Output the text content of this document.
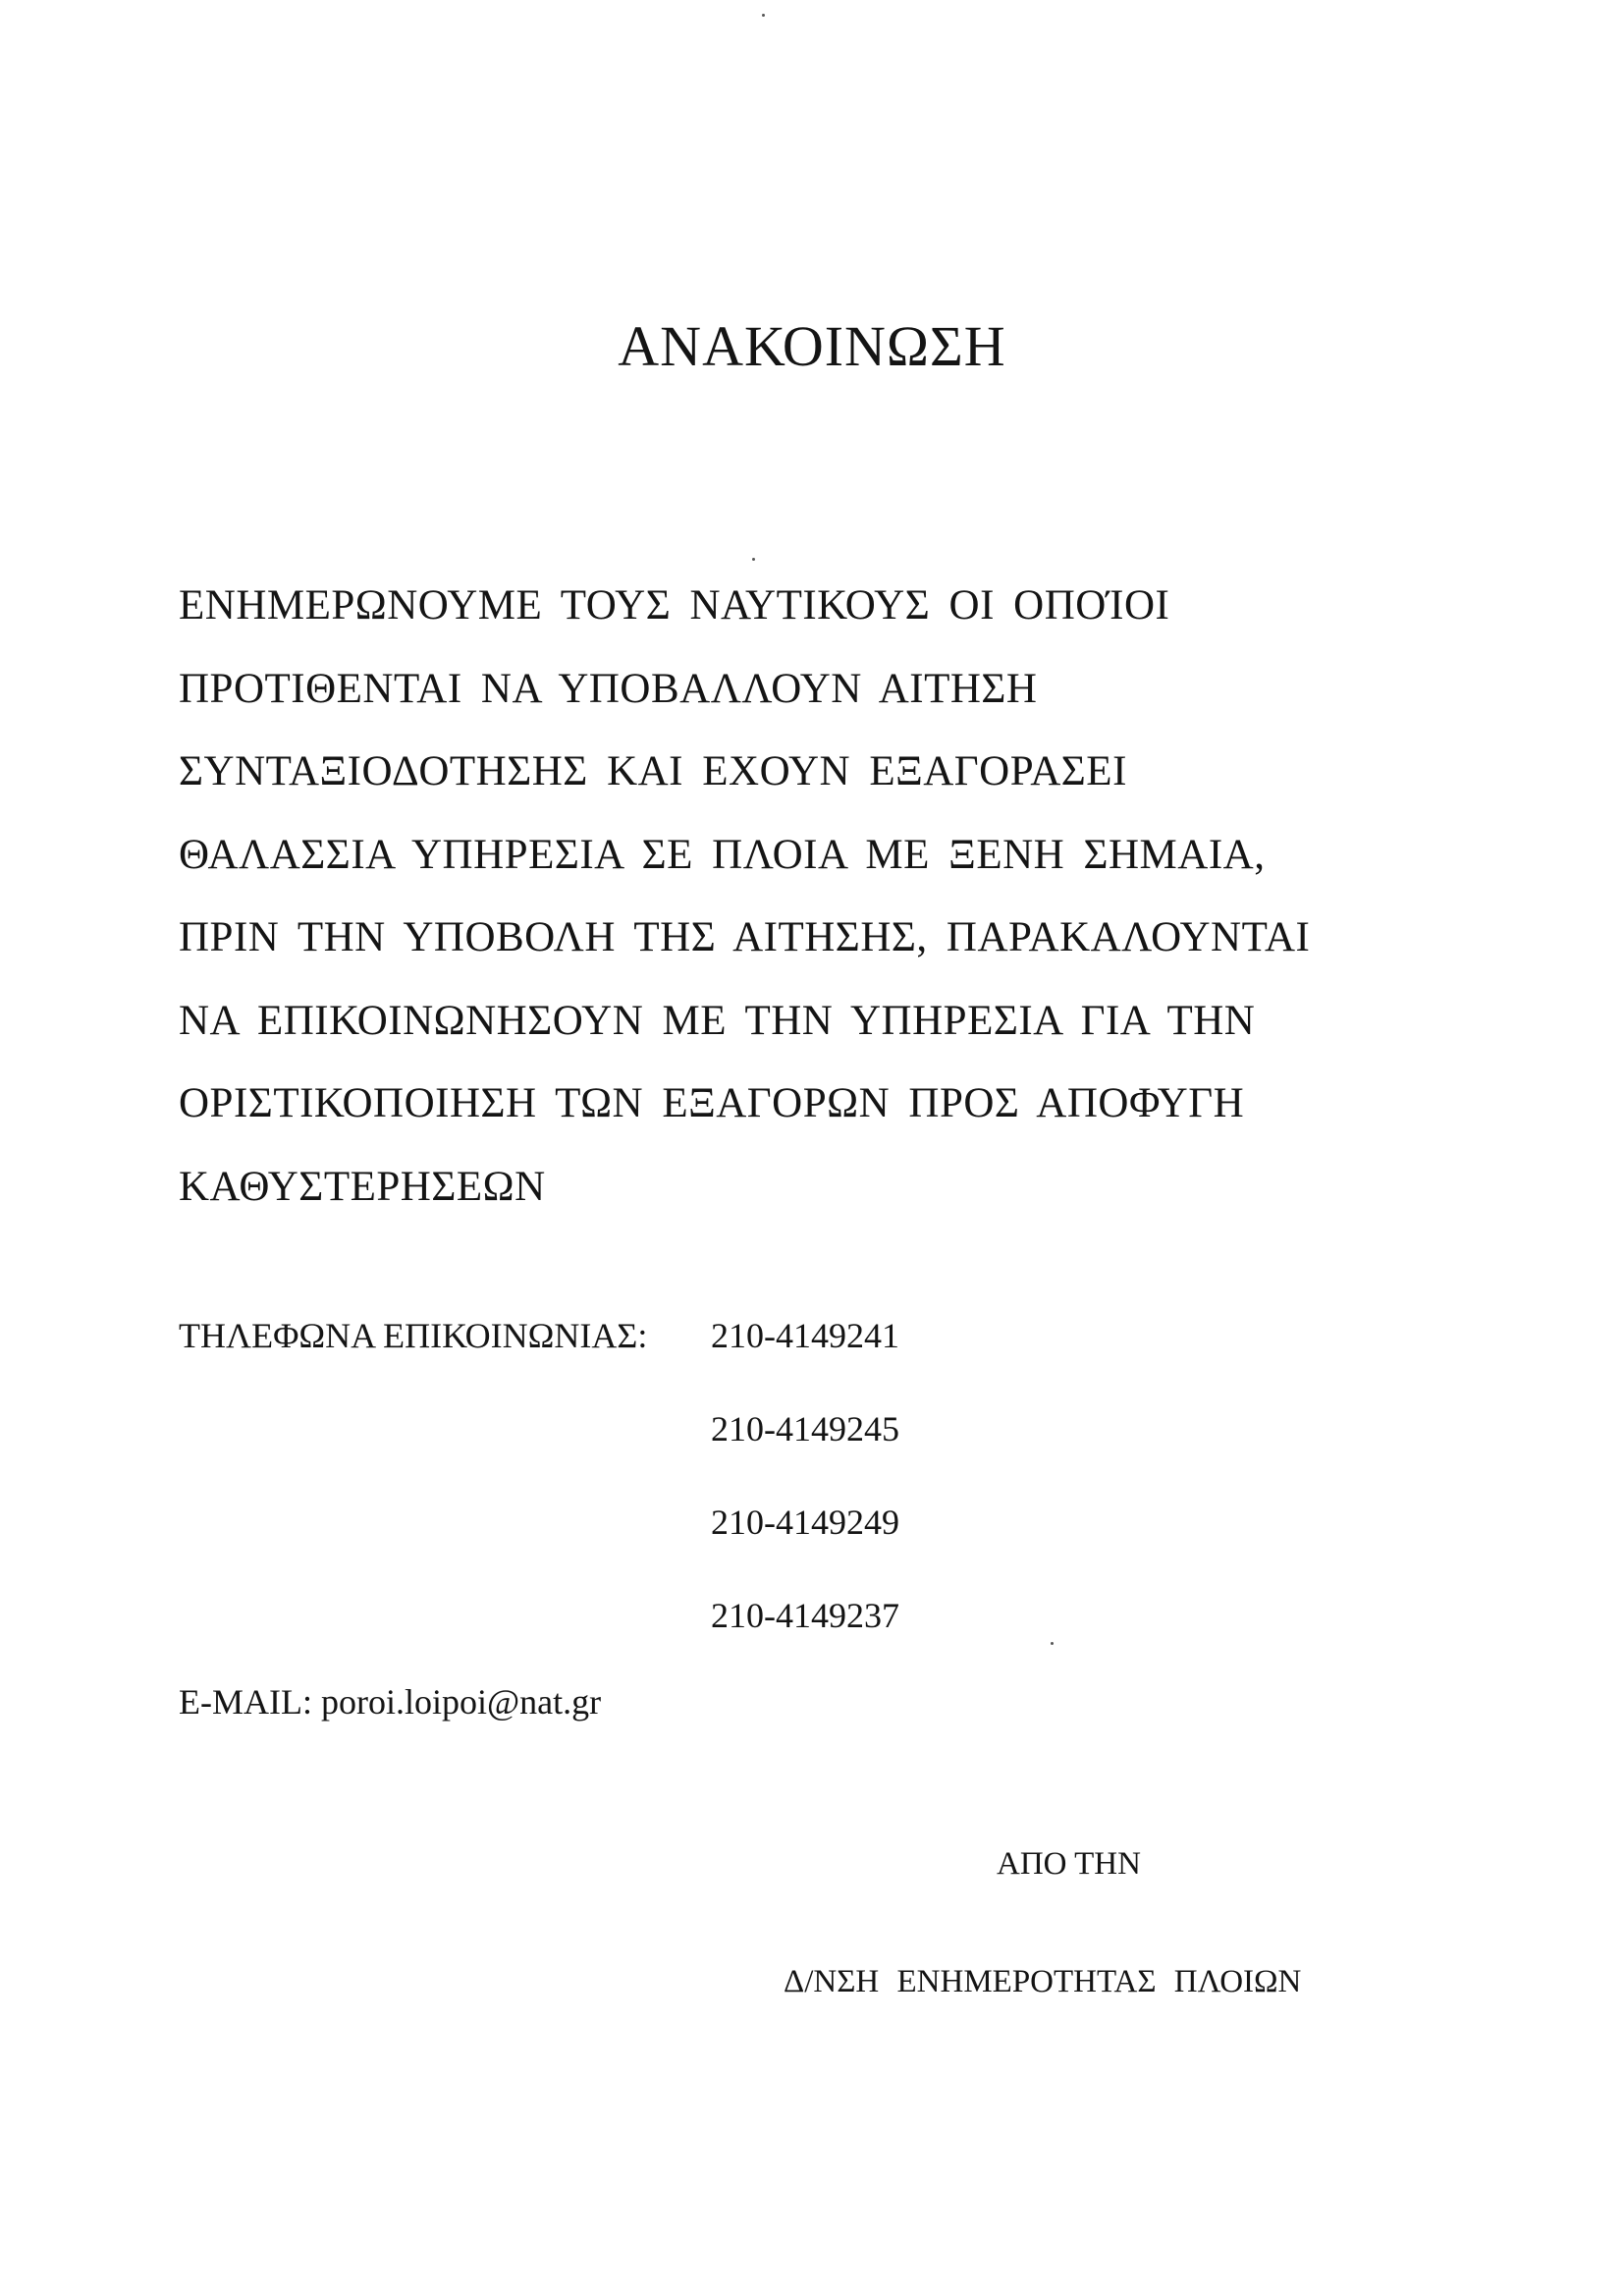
ΑΝΑΚΟΙΝΩΣΗ
ΕΝΗΜΕΡΩΝΟΥΜΕ ΤΟΥΣ ΝΑΥΤΙΚΟΥΣ ΟΙ ΟΠΟΊΟΙ
ΠΡΟΤΙΘΕΝΤΑΙ ΝΑ ΥΠΟΒΑΛΛΟΥΝ ΑΙΤΗΣΗ
ΣΥΝΤΑΞΙΟΔΟΤΗΣΗΣ ΚΑΙ ΕΧΟΥΝ ΕΞΑΓΟΡΑΣΕΙ
ΘΑΛΑΣΣΙΑ ΥΠΗΡΕΣΙΑ ΣΕ ΠΛΟΙΑ ΜΕ ΞΕΝΗ ΣΗΜΑΙΑ,
ΠΡΙΝ ΤΗΝ ΥΠΟΒΟΛΗ ΤΗΣ ΑΙΤΗΣΗΣ, ΠΑΡΑΚΑΛΟΥΝΤΑΙ
ΝΑ ΕΠΙΚΟΙΝΩΝΗΣΟΥΝ ΜΕ ΤΗΝ ΥΠΗΡΕΣΙΑ ΓΙΑ ΤΗΝ
ΟΡΙΣΤΙΚΟΠΟΙΗΣΗ ΤΩΝ ΕΞΑΓΟΡΩΝ ΠΡΟΣ ΑΠΟΦΥΓΗ
ΚΑΘΥΣΤΕΡΗΣΕΩΝ
ΤΗΛΕΦΩΝΑ ΕΠΙΚΟΙΝΩΝΙΑΣ: 210-4149241
210-4149245
210-4149249
210-4149237
E-MAIL: poroi.loipoi@nat.gr
ΑΠΟ ΤΗΝ
Δ/ΝΣΗ ΕΝΗΜΕΡΟΤΗΤΑΣ ΠΛΟΙΩΝ
